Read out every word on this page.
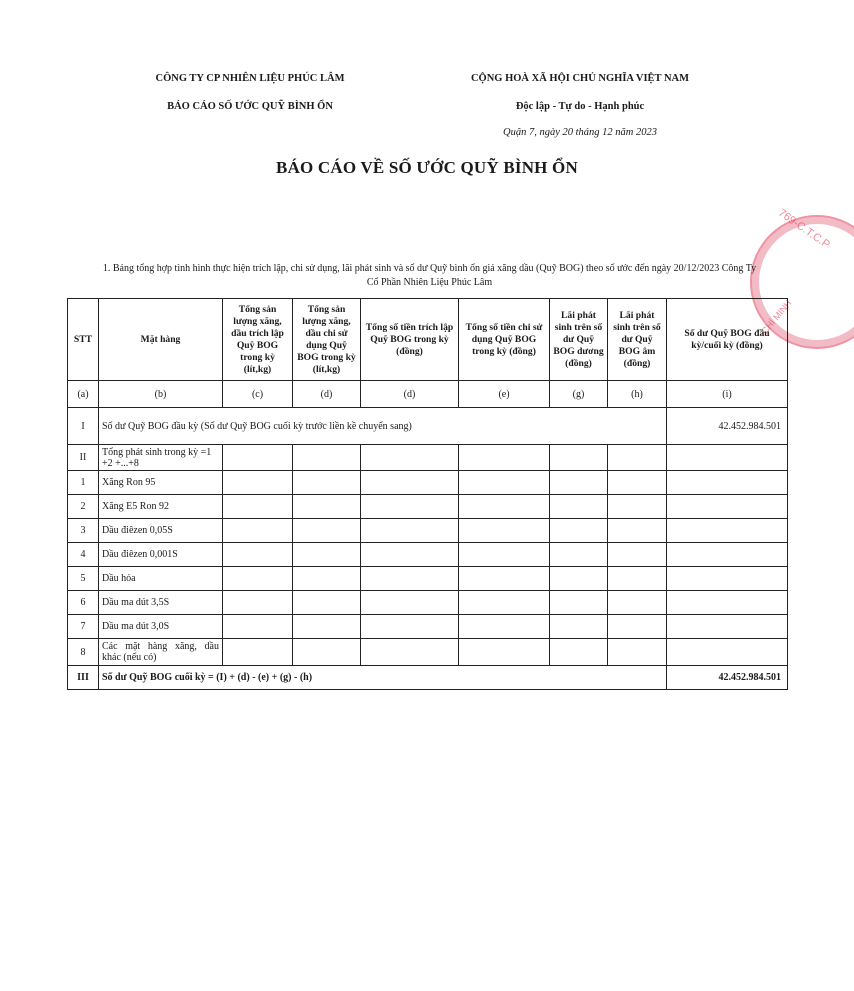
CÔNG TY CP NHIÊN LIỆU PHÚC LÂM
BÁO CÁO SỐ ƯỚC QUỸ BÌNH ỔN
CỘNG HOÀ XÃ HỘI CHỦ NGHĨA VIỆT NAM
Độc lập - Tự do - Hạnh phúc
Quận 7, ngày 20 tháng 12 năm 2023
BÁO CÁO VỀ SỐ ƯỚC QUỸ BÌNH ỔN
769-C.T.C.P
CHÍ MINH
1. Bảng tổng hợp tình hình thực hiện trích lập, chi sử dụng, lãi phát sinh và số dư Quỹ bình ổn giá xăng dầu (Quỹ BOG) theo số ước đến ngày 20/12/2023 Công Ty
Cổ Phần Nhiên Liệu Phúc Lâm
STT	Mặt hàng	Tổng sản lượng xăng, dầu trích lập Quỹ BOG trong kỳ (lít,kg)	Tổng sản lượng xăng, dầu chi sử dụng Quỹ BOG trong kỳ (lít,kg)	Tổng số tiền trích lập Quỹ BOG trong kỳ (đồng)	Tổng số tiền chi sử dụng Quỹ BOG trong kỳ (đồng)	Lãi phát sinh trên số dư Quỹ BOG dương (đồng)	Lãi phát sinh trên số dư Quỹ BOG âm (đồng)	Số dư Quỹ BOG đầu kỳ/cuối kỳ (đồng)
(a)	(b)	(c)	(d)	(d)	(e)	(g)	(h)	(i)
I	Số dư Quỹ BOG đầu kỳ (Số dư Quỹ BOG cuối kỳ trước liền kề chuyển sang)							42.452.984.501
II	Tổng phát sinh trong kỳ =1 +2 +...+8							
1	Xăng Ron 95							
2	Xăng E5 Ron 92							
3	Dầu điêzen 0,05S							
4	Dầu điêzen 0,001S							
5	Dầu hỏa							
6	Dầu ma dút 3,5S							
7	Dầu ma dút 3,0S							
8	Các mặt hàng xăng, dầu khác (nếu có)							
III	Số dư Quỹ BOG cuối kỳ = (I) + (d) - (e) + (g) - (h)							42.452.984.501
